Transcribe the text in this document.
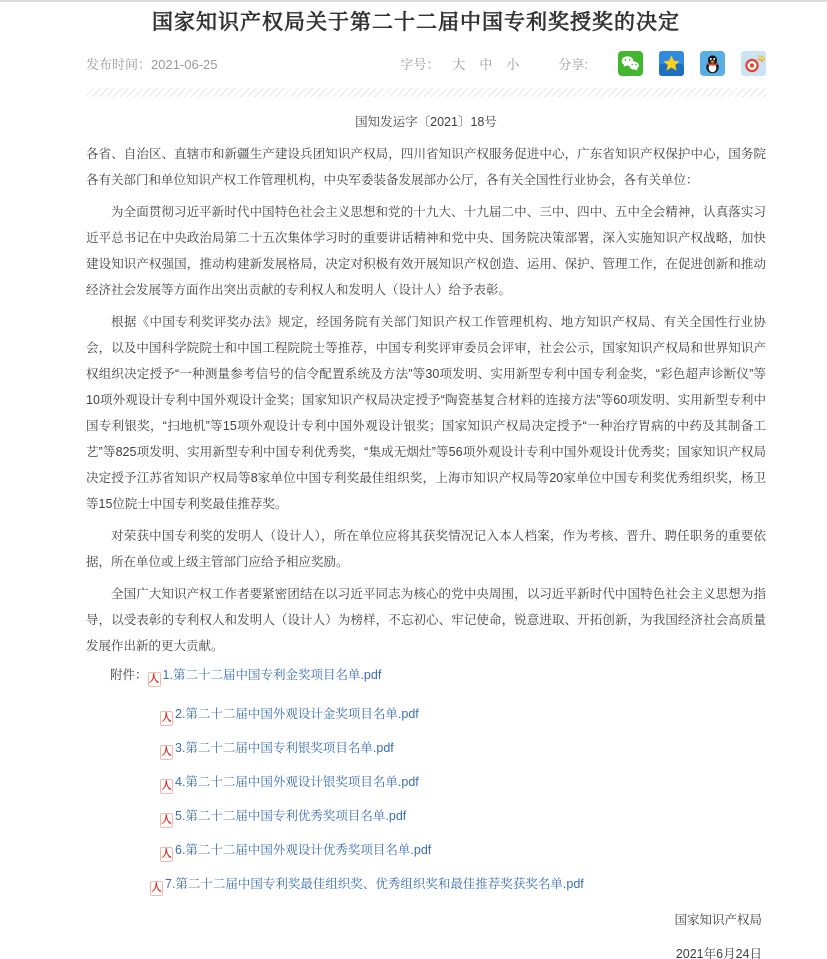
国家知识产权局关于第二十二届中国专利奖授奖的决定
发布时间：2021-06-25	字号： 大 中 小	分享:
国知发运字〔2021〕18号

各省、自治区、直辖市和新疆生产建设兵团知识产权局，四川省知识产权服务促进中心，广东省知识产权保护中心，国务院各有关部门和单位知识产权工作管理机构，中央军委装备发展部办公厅，各有关全国性行业协会，各有关单位：

为全面贯彻习近平新时代中国特色社会主义思想和党的十九大、十九届二中、三中、四中、五中全会精神，认真落实习近平总书记在中央政治局第二十五次集体学习时的重要讲话精神和党中央、国务院决策部署，深入实施知识产权战略，加快建设知识产权强国，推动构建新发展格局，决定对积极有效开展知识产权创造、运用、保护、管理工作，在促进创新和推动经济社会发展等方面作出突出贡献的专利权人和发明人（设计人）给予表彰。

根据《中国专利奖评奖办法》规定，经国务院有关部门知识产权工作管理机构、地方知识产权局、有关全国性行业协会，以及中国科学院院士和中国工程院院士等推荐，中国专利奖评审委员会评审，社会公示，国家知识产权局和世界知识产权组织决定授予“一种测量参考信号的信令配置系统及方法”等30项发明、实用新型专利中国专利金奖，“彩色超声诊断仪”等10项外观设计专利中国外观设计金奖；国家知识产权局决定授予“陶瓷基复合材料的连接方法”等60项发明、实用新型专利中国专利银奖，“扫地机”等15项外观设计专利中国外观设计银奖；国家知识产权局决定授予“一种治疗胃病的中药及其制备工艺”等825项发明、实用新型专利中国专利优秀奖，“集成无烟灶”等56项外观设计专利中国外观设计优秀奖；国家知识产权局决定授予江苏省知识产权局等8家单位中国专利奖最佳组织奖，上海市知识产权局等20家单位中国专利奖优秀组织奖，杨卫等15位院士中国专利奖最佳推荐奖。

对荣获中国专利奖的发明人（设计人），所在单位应将其获奖情况记入本人档案，作为考核、晋升、聘任职务的重要依据，所在单位或上级主管部门应给予相应奖励。

全国广大知识产权工作者要紧密团结在以习近平同志为核心的党中央周围，以习近平新时代中国特色社会主义思想为指导，以受表彰的专利权人和发明人（设计人）为榜样，不忘初心、牢记使命，锐意进取、开拓创新，为我国经济社会高质量发展作出新的更大贡献。

附件： 人 1.第二十二届中国专利金奖项目名单.pdf
人2.第二十二届中国外观设计金奖项目名单.pdf
人3.第二十二届中国专利银奖项目名单.pdf
人4.第二十二届中国外观设计银奖项目名单.pdf
人5.第二十二届中国专利优秀奖项目名单.pdf
人6.第二十二届中国外观设计优秀奖项目名单.pdf
人7.第二十二届中国专利奖最佳组织奖、优秀组织奖和最佳推荐奖获奖名单.pdf
国家知识产权局
2021年6月24日
